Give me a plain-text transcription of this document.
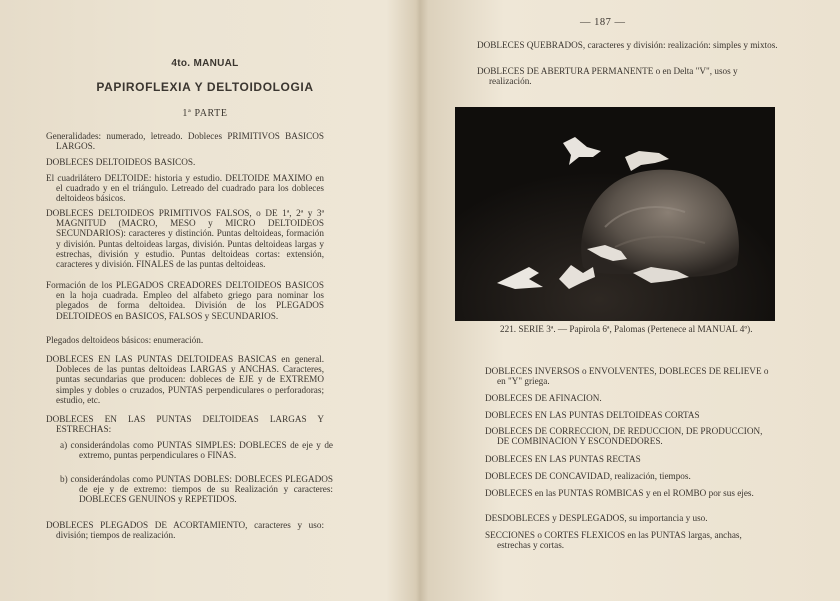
4to. MANUAL
PAPIROFLEXIA Y DELTOIDOLOGIA
1ª PARTE

Generalidades: numerado, letreado. Dobleces PRIMITIVOS BASICOS LARGOS.

DOBLECES DELTOIDEOS BASICOS.

El cuadrilátero DELTOIDE: historia y estudio. DELTOIDE MAXIMO en el cuadrado y en el triángulo. Letreado del cuadrado para los dobleces deltoideos básicos.

DOBLECES DELTOIDEOS PRIMITIVOS FALSOS, o DE 1ª, 2ª y 3ª MAGNITUD (MACRO, MESO y MICRO DELTOIDEOS SECUNDARIOS): caracteres y distinción. Puntas deltoideas, formación y división. Puntas deltoideas largas, división. Puntas deltoideas largas y estrechas, división y estudio. Puntas deltoideas cortas: extensión, caracteres y división. FINALES de las puntas deltoideas.

Formación de los PLEGADOS CREADORES DELTOIDEOS BASICOS en la hoja cuadrada. Empleo del alfabeto griego para nominar los plegados de forma deltoidea. División de los PLEGADOS DELTOIDEOS en BASICOS, FALSOS y SECUNDARIOS.

Plegados deltoideos básicos: enumeración.

DOBLECES EN LAS PUNTAS DELTOIDEAS BASICAS en general. Dobleces de las puntas deltoideas LARGAS y ANCHAS. Caracteres, puntas secundarias que producen: dobleces de EJE y de EXTREMO simples y dobles o cruzados, PUNTAS perpendiculares o perforadoras; estudio, etc.

DOBLECES EN LAS PUNTAS DELTOIDEAS LARGAS Y ESTRECHAS:

a) considerándolas como PUNTAS SIMPLES: DOBLECES de eje y de extremo, puntas perpendiculares o FINAS.

b) considerándolas como PUNTAS DOBLES: DOBLECES PLEGADOS de eje y de extremo: tiempos de su Realización y caracteres: DOBLECES GENUINOS y REPETIDOS.

DOBLECES PLEGADOS DE ACORTAMIENTO, caracteres y uso: división; tiempos de realización.

— 187 —

DOBLECES QUEBRADOS, caracteres y división: realización: simples y mixtos.

DOBLECES DE ABERTURA PERMANENTE o en Delta "V", usos y realización.

221. SERIE 3ª. — Papirola 6ª, Palomas (Pertenece al MANUAL 4º).

DOBLECES INVERSOS o ENVOLVENTES, DOBLECES DE RELIEVE o en "Y" griega.

DOBLECES DE AFINACION.

DOBLECES EN LAS PUNTAS DELTOIDEAS CORTAS

DOBLECES DE CORRECCION, DE REDUCCION, DE PRODUCCION, DE COMBINACION Y ESCONDEDORES.

DOBLECES EN LAS PUNTAS RECTAS

DOBLECES DE CONCAVIDAD, realización, tiempos.

DOBLECES en las PUNTAS ROMBICAS y en el ROMBO por sus ejes.

DESDOBLECES y DESPLEGADOS, su importancia y uso.

SECCIONES o CORTES FLEXICOS en las PUNTAS largas, anchas, estrechas y cortas.
